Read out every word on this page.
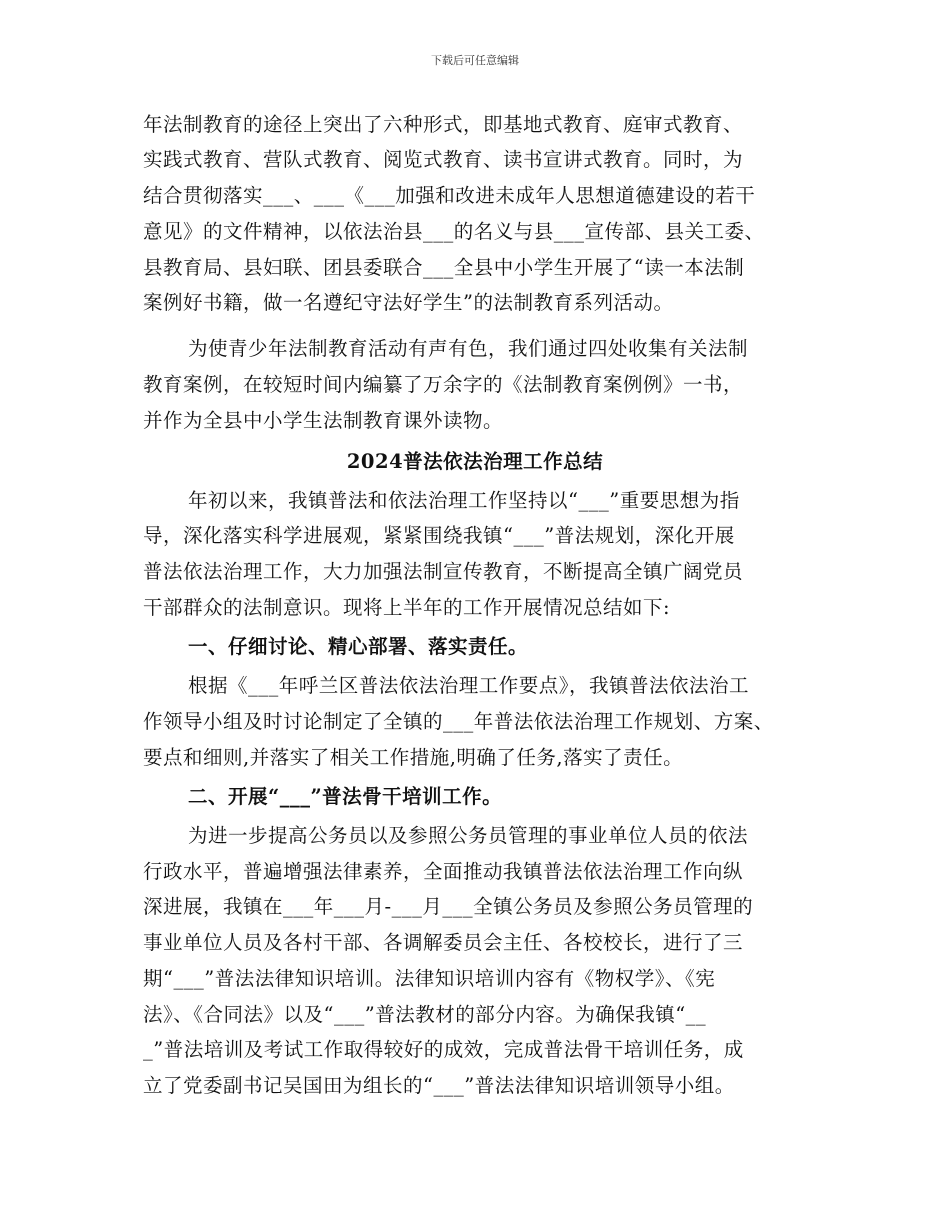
下载后可任意编辑
年法制教育的途径上突出了六种形式，即基地式教育、庭审式教育、
实践式教育、营队式教育、阅览式教育、读书宣讲式教育。同时，为
结合贯彻落实___、___《___加强和改进未成年人思想道德建设的若干
意见》的文件精神，以依法治县___的名义与县___宣传部、县关工委、
县教育局、县妇联、团县委联合___全县中小学生开展了“读一本法制
案例好书籍，做一名遵纪守法好学生”的法制教育系列活动。
为使青少年法制教育活动有声有色，我们通过四处收集有关法制
教育案例，在较短时间内编纂了万余字的《法制教育案例例》一书，
并作为全县中小学生法制教育课外读物。
2024普法依法治理工作总结
年初以来，我镇普法和依法治理工作坚持以“___”重要思想为指
导，深化落实科学进展观，紧紧围绕我镇“___”普法规划，深化开展
普法依法治理工作，大力加强法制宣传教育，不断提高全镇广阔党员
干部群众的法制意识。现将上半年的工作开展情况总结如下:
一、仔细讨论、精心部署、落实责任。
根据《___年呼兰区普法依法治理工作要点》，我镇普法依法治工
作领导小组及时讨论制定了全镇的___年普法依法治理工作规划、方案、
要点和细则,并落实了相关工作措施,明确了任务,落实了责任。
二、开展“___”普法骨干培训工作。
为进一步提高公务员以及参照公务员管理的事业单位人员的依法
行政水平，普遍增强法律素养，全面推动我镇普法依法治理工作向纵
深进展，我镇在___年___月-___月___全镇公务员及参照公务员管理的
事业单位人员及各村干部、各调解委员会主任、各校校长，进行了三
期“___”普法法律知识培训。法律知识培训内容有《物权学》、《宪
法》、《合同法》以及“___”普法教材的部分内容。为确保我镇“__
_”普法培训及考试工作取得较好的成效，完成普法骨干培训任务，成
立了党委副书记吴国田为组长的“___”普法法律知识培训领导小组。
